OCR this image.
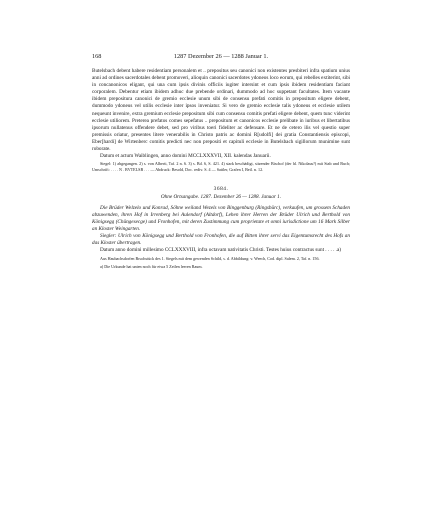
168	1287 Dezember 26 — 1288 Januar 1.

Butelsbach debent habere residentiam personalem et .. prepositus seu canonici non existentes presbiteri infra spatium unius anni ad ordines sacerdotales debent promoveri, alioquin canonici sacerdotes ydoneos loco eorum, qui rebelles extiterint, sibi in concanonicos eligant, qui una cum ipsis divinis officiis iugiter intersint et cum ipsis ibidem residentiam faciant corporalem. Debentur etiam ibidem adhuc due prebende ordinari, dummodo ad hoc suppetant facultates. Item vacante ibidem prepositura canonici de gremio ecclesie unum sibi de consensu prefati comitis in prepositum eligere debent, dummodo ydoneus vel utilis ecclesie inter ipsos inveniatur. Si vero de gremio ecclesie talis ydoneus et ecclesie utilem nequeunt invenire, extra gremium ecclesie prepositum sibi cum consensu comitis prefati eligere debent, quem tunc viderint ecclesie utiliorem. Preterea prefatos comes sepefatus .. prepositum et canonicos ecclesie prelibate in iuribus et libertatibus ipsorum nullatenus offendere debet, sed pro viribus toeri fideliter ac defensare. Et ne de cetero ilis vel questio super premissis oriatur, presentes litere venerabilis in Christo patris ac domini R[udolfi] dei gratia Constantiensis episcopi, Eber[hardi] de Wirtenberc comitis predicti nec non prepositi et capituli ecclesie in Butelsbach sigillorum munimine sunt roborate.

Datum et actum Waiblingen, anno domini MCCLXXXVII, XII. kalendas Januarii.

Siegel: 1) abgegangen. 2) s. von Alberti, Taf. 2 n. 6. 3) s. Bd. 6, S. 421. 4) stark beschädigt, sitzender Bischof (der hl. Nikolaus?) mit Stab und Buch; Umschrift: . . . . N . BVTELSB . . . — Abdruck: Besold, Doc. rediv. S. 4 — Sattler, Grafen I, Beil. n. 12.

3684.

Ohne Ortsangabe. 1287. Dezember 26 — 1288. Januar 1.

Die Brüder Welzelo und Konrad, Söhne weiland Wezels von Binggenburg (Ringsbürc), verkaufen, um grossem Schaden abzuwenden, ihren Hof in Irrenberg bei Aulendorf (Altdorf), Lehen ihrer Herren der Brüder Ulrich und Berthold von Königsegg (Chûngesecge) und Fronhofen, mit deren Zustimmung cum proprietate et omni iurisdictione um 16 Mark Silber an Kloster Weingarten.

Siegler: Ulrich von Königsegg und Berthold von Fronhofen, die auf Bitten ihrer servi das Eigentumsrecht des Hofs an das Kloster übertragen.

Datum anno domini millesimo CCLXXXVIII, infra octavam nativitatis Christi. Testes huius contractus sunt . . . . .a)

Aus Haubachsdorfen Bruchstück des 1. Siegels mit dem gewenden Schild, s. d. Abbildung: v. Weech, Cod. dipl. Salem. 2, Taf. n. 156.

a) Die Urkunde hat unten noch für etwa 5 Zeilen leeren Raum.
